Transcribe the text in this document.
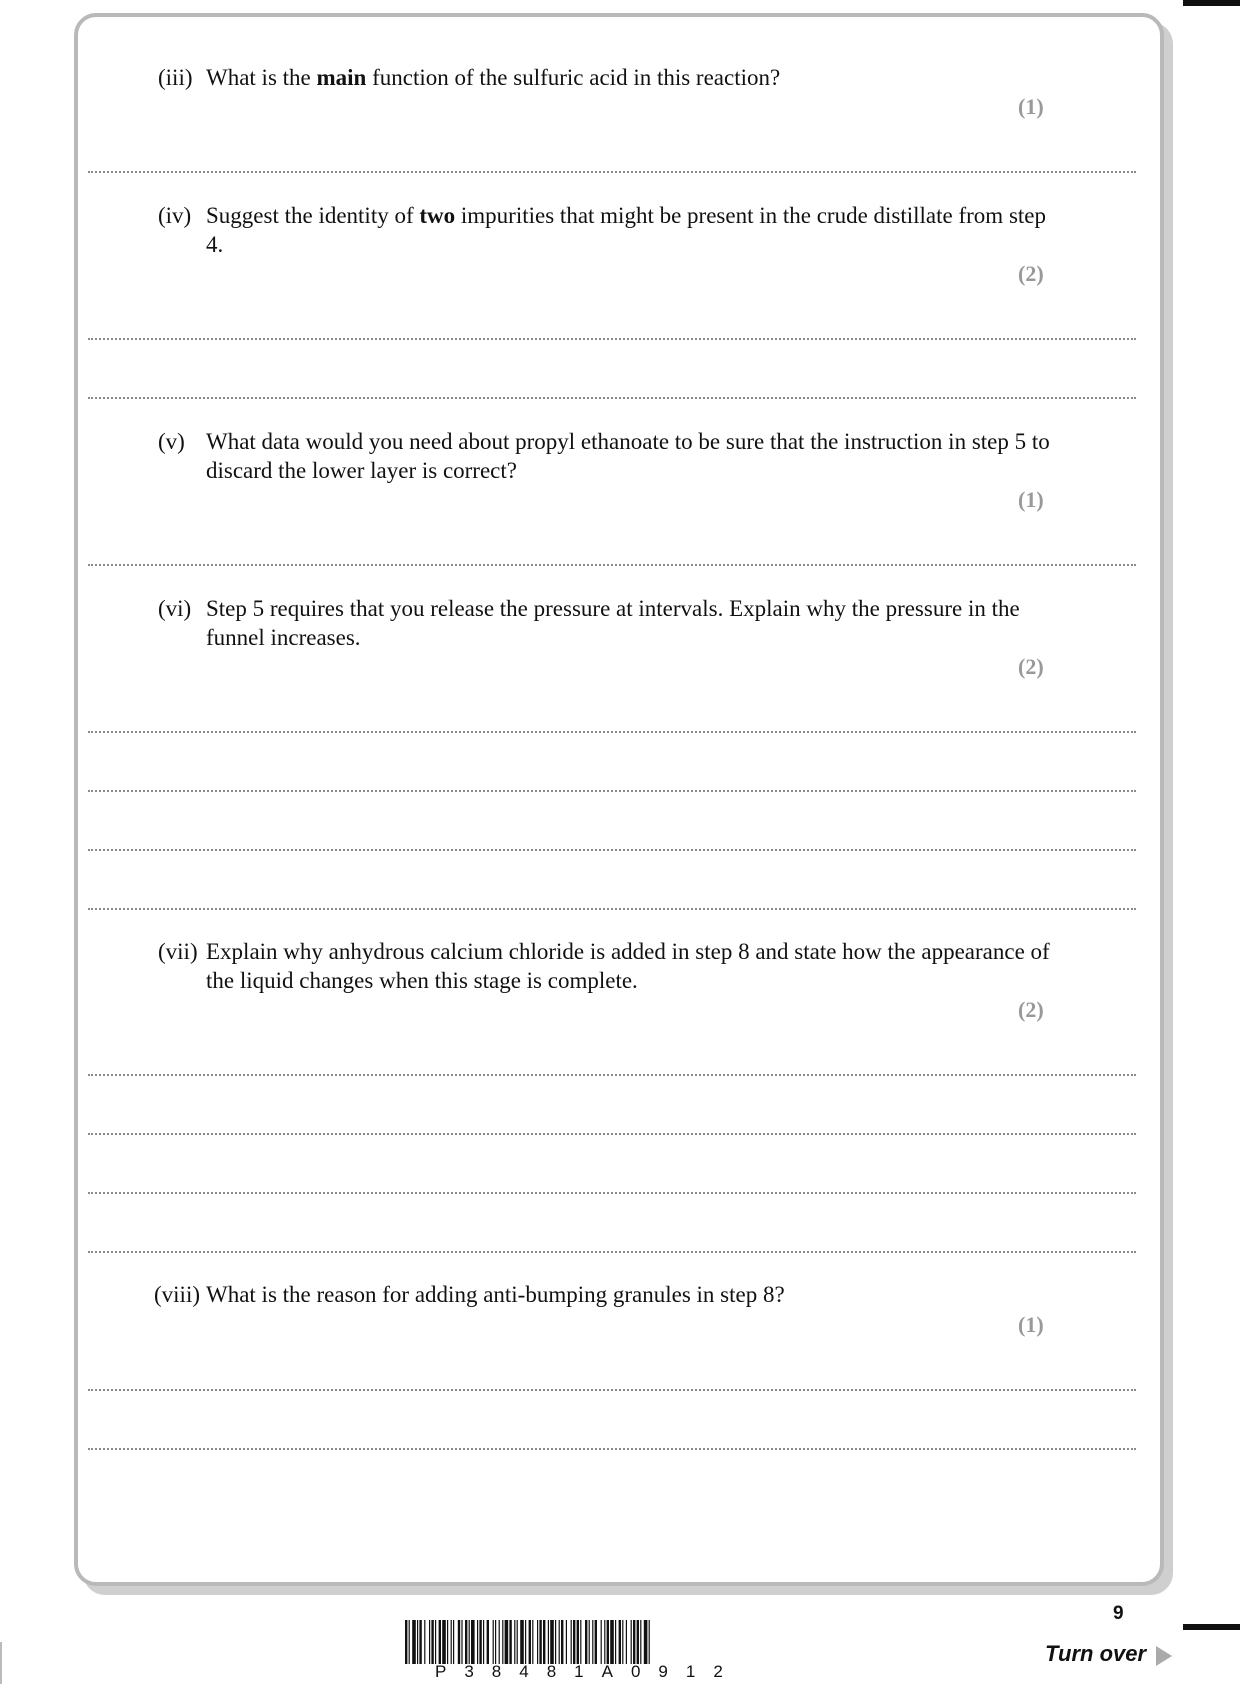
(iii) What is the main function of the sulfuric acid in this reaction?
(1)
(iv) Suggest the identity of two impurities that might be present in the crude distillate from step 4.
(2)
(v) What data would you need about propyl ethanoate to be sure that the instruction in step 5 to discard the lower layer is correct?
(1)
(vi) Step 5 requires that you release the pressure at intervals. Explain why the pressure in the funnel increases.
(2)
(vii) Explain why anhydrous calcium chloride is added in step 8 and state how the appearance of the liquid changes when this stage is complete.
(2)
(viii) What is the reason for adding anti-bumping granules in step 8?
(1)
P38481A0912
9
Turn over
